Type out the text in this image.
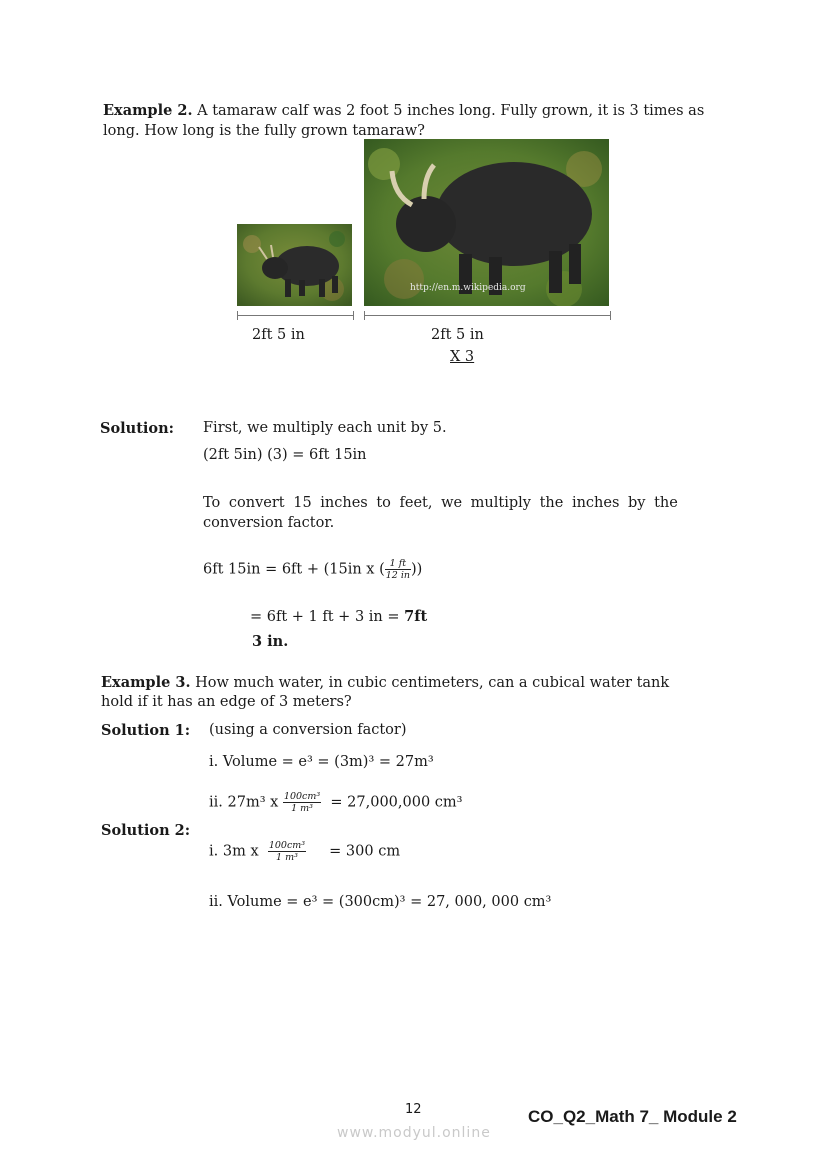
Example 2. A tamaraw calf was 2 foot 5 inches long. Fully grown, it is 3 times as
long. How long is the fully grown tamaraw?
http://en.m.wikipedia.org
2ft 5 in	2ft 5 in
X 3
Solution: First, we multiply each unit by 5.
(2ft 5in) (3) = 6ft 15in
To convert 15 inches to feet, we multiply the inches by the
conversion factor.
6ft 15in = 6ft + (15in x ( $\frac{1 ft}{12 in}$ ))
= 6ft + 1 ft + 3 in = 7ft
3 in.
Example 3. How much water, in cubic centimeters, can a cubical water tank
hold if it has an edge of 3 meters?
Solution 1: (using a conversion factor)
i. Volume = e³ = (3m)³ = 27m³
ii. 27m³ x $\frac{\text{100cm³}}{\text{1 m³}} = 27,000,000$ cm³
Solution 2:
i. 3m x $\frac{\text{100cm³}}{\text{1 m³}} = 300$ cm
ii. Volume = e³ = (300cm)³ = 27, 000, 000 cm³
12	CO_Q2_Math 7_ Module 2
www.modyul.online
